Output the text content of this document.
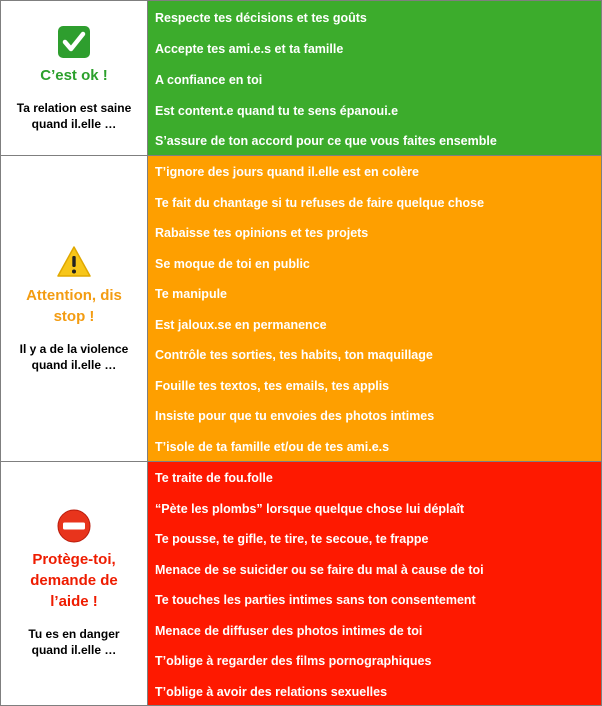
C’est ok !
Ta relation est saine
quand il.elle …
Respecte tes décisions et tes goûts
Accepte tes ami.e.s et ta famille
A confiance en toi
Est content.e quand tu te sens épanoui.e
S’assure de ton accord pour ce que vous faites ensemble
Attention, dis
stop !
Il y a de la violence
quand il.elle …
T’ignore des jours quand il.elle est en colère
Te fait du chantage si tu refuses de faire quelque chose
Rabaisse tes opinions et tes projets
Se moque de toi en public
Te manipule
Est jaloux.se en permanence
Contrôle tes sorties, tes habits, ton maquillage
Fouille tes textos, tes emails, tes applis
Insiste pour que tu envoies des photos intimes
T’isole de ta famille et/ou de tes ami.e.s
Protège-toi,
demande de
l’aide !
Tu es en danger
quand il.elle …
Te traite de fou.folle
“Pète les plombs” lorsque quelque chose lui déplaît
Te pousse, te gifle, te tire, te secoue, te frappe
Menace de se suicider ou se faire du mal à cause de toi
Te touches les parties intimes sans ton consentement
Menace de diffuser des photos intimes de toi
T’oblige à regarder des films pornographiques
T’oblige à avoir des relations sexuelles
